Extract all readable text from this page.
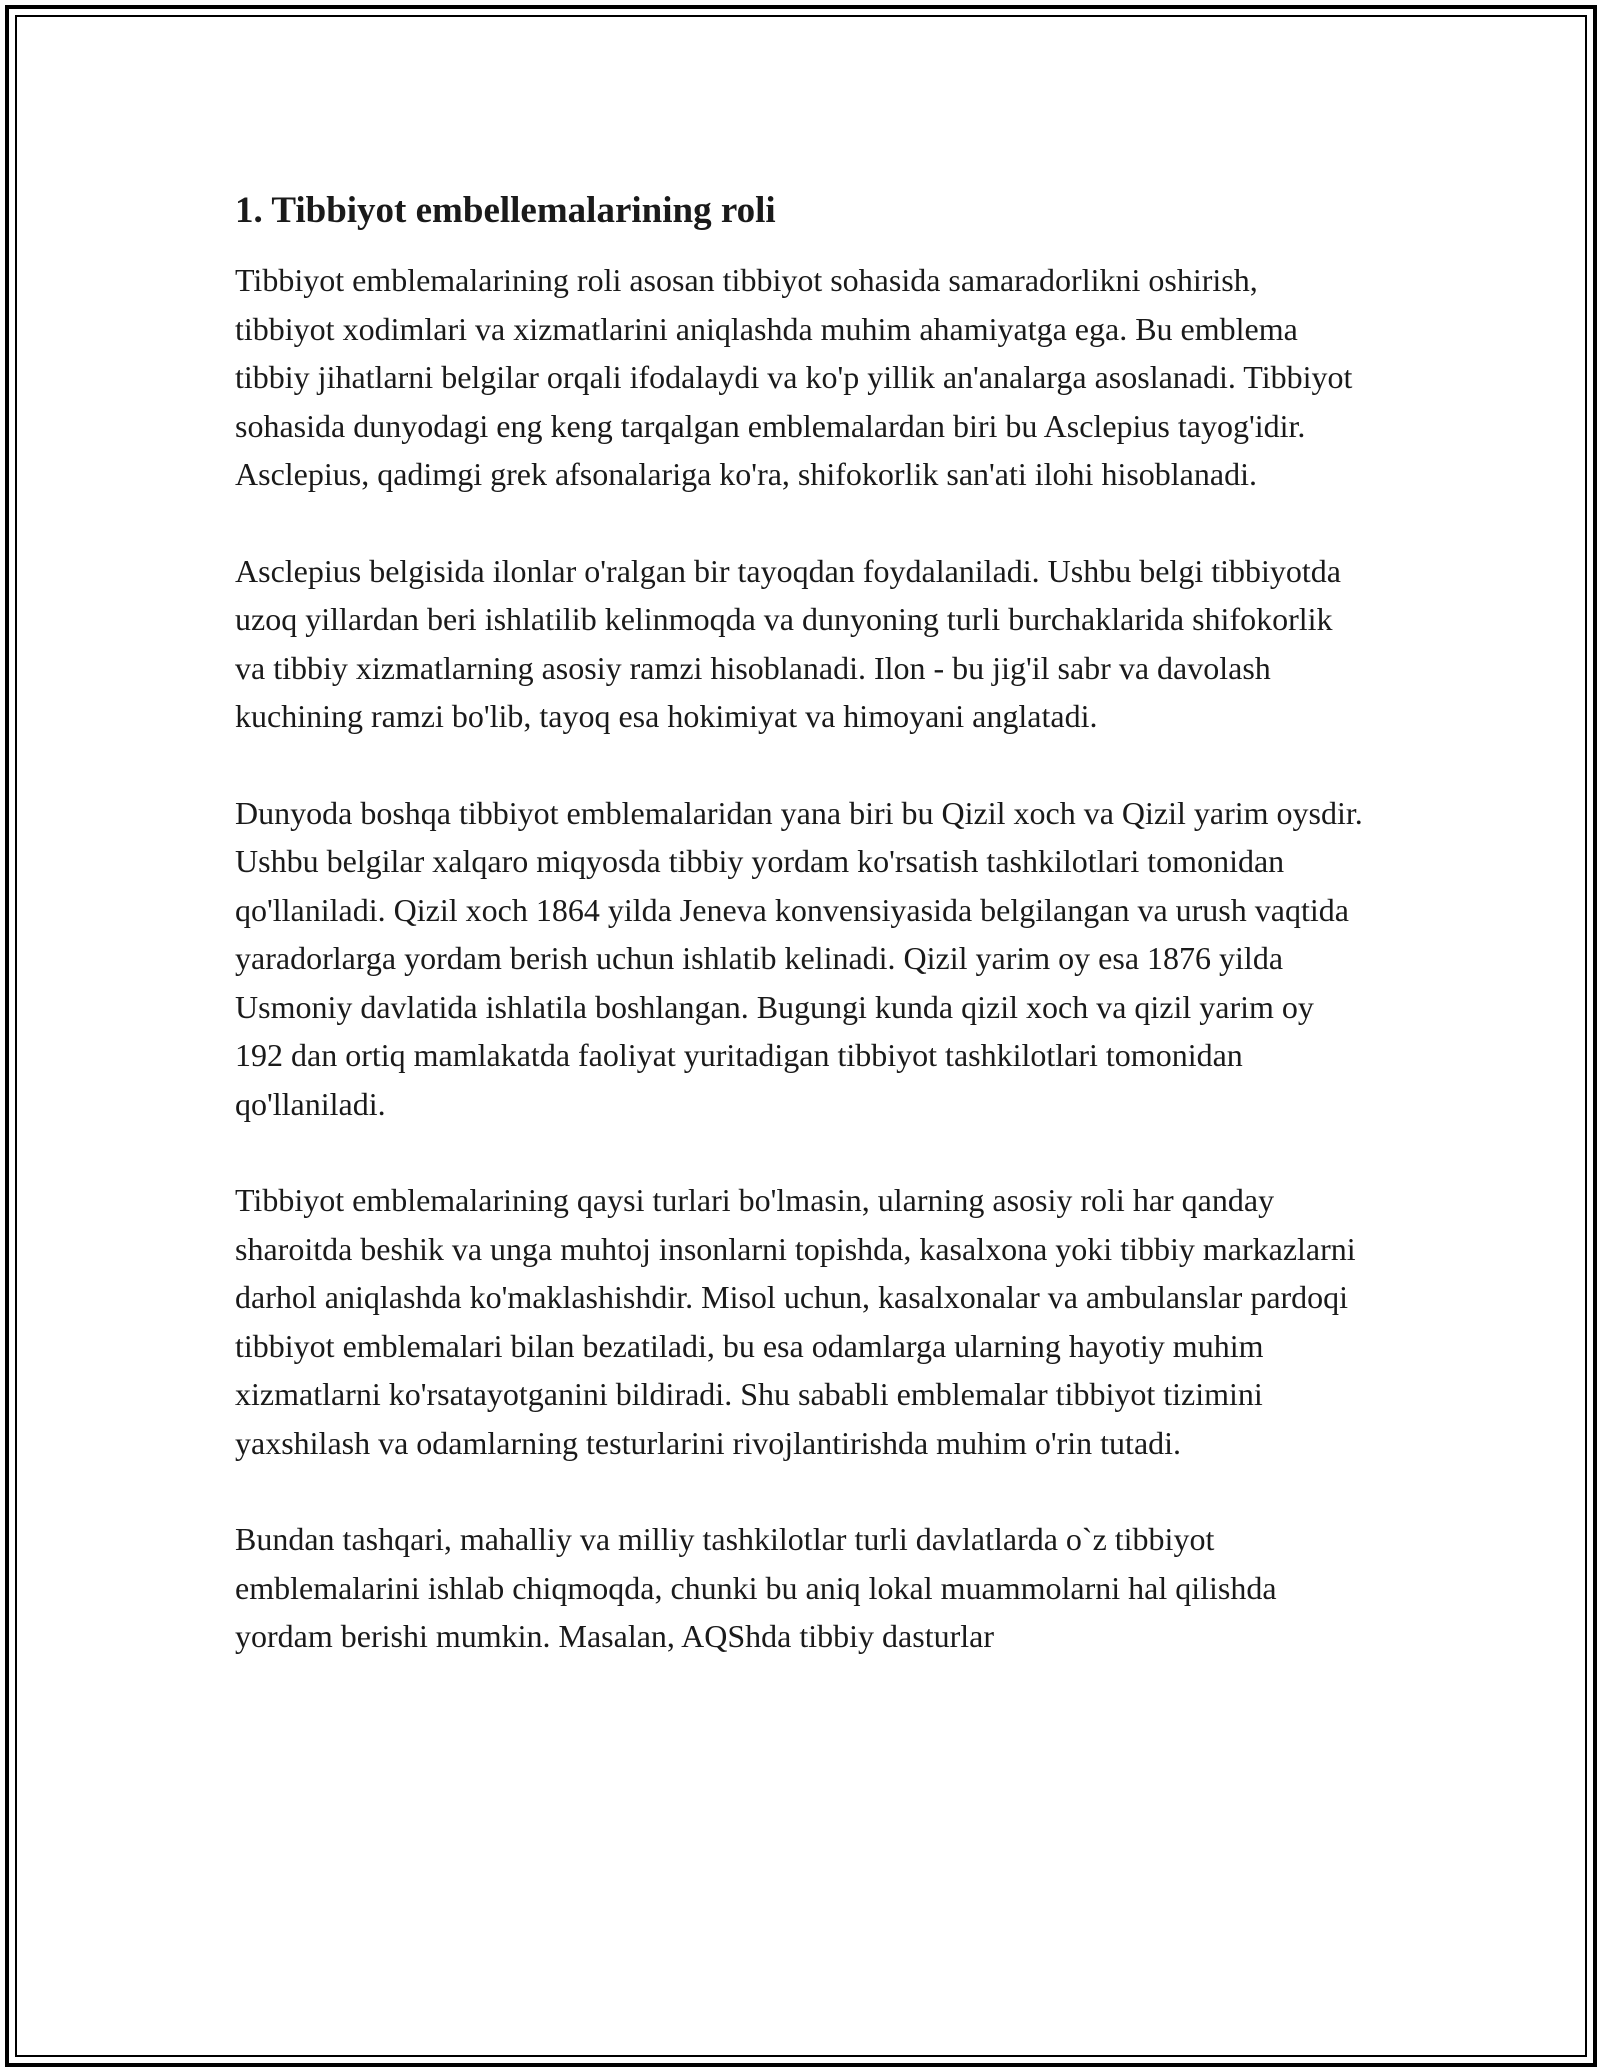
1. Tibbiyot embellemalarining roli

Tibbiyot emblemalarining roli asosan tibbiyot sohasida samaradorlikni oshirish, tibbiyot xodimlari va xizmatlarini aniqlashda muhim ahamiyatga ega. Bu emblema tibbiy jihatlarni belgilar orqali ifodalaydi va ko'p yillik an'analarga asoslanadi. Tibbiyot sohasida dunyodagi eng keng tarqalgan emblemalardan biri bu Asclepius tayog'idir. Asclepius, qadimgi grek afsonalariga ko'ra, shifokorlik san'ati ilohi hisoblanadi.

Asclepius belgisida ilonlar o'ralgan bir tayoqdan foydalaniladi. Ushbu belgi tibbiyotda uzoq yillardan beri ishlatilib kelinmoqda va dunyoning turli burchaklarida shifokorlik va tibbiy xizmatlarning asosiy ramzi hisoblanadi. Ilon - bu jig'il sabr va davolash kuchining ramzi bo'lib, tayoq esa hokimiyat va himoyani anglatadi.

Dunyoda boshqa tibbiyot emblemalaridan yana biri bu Qizil xoch va Qizil yarim oysdir. Ushbu belgilar xalqaro miqyosda tibbiy yordam ko'rsatish tashkilotlari tomonidan qo'llaniladi. Qizil xoch 1864 yilda Jeneva konvensiyasida belgilangan va urush vaqtida yaradorlarga yordam berish uchun ishlatib kelinadi. Qizil yarim oy esa 1876 yilda Usmoniy davlatida ishlatila boshlangan. Bugungi kunda qizil xoch va qizil yarim oy 192 dan ortiq mamlakatda faoliyat yuritadigan tibbiyot tashkilotlari tomonidan qo'llaniladi.

Tibbiyot emblemalarining qaysi turlari bo'lmasin, ularning asosiy roli har qanday sharoitda beshik va unga muhtoj insonlarni topishda, kasalxona yoki tibbiy markazlarni darhol aniqlashda ko'maklashishdir. Misol uchun, kasalxonalar va ambulanslar pardoqi tibbiyot emblemalari bilan bezatiladi, bu esa odamlarga ularning hayotiy muhim xizmatlarni ko'rsatayotganini bildiradi. Shu sababli emblemalar tibbiyot tizimini yaxshilash va odamlarning testurlarini rivojlantirishda muhim o'rin tutadi.

Bundan tashqari, mahalliy va milliy tashkilotlar turli davlatlarda o`z tibbiyot emblemalarini ishlab chiqmoqda, chunki bu aniq lokal muammolarni hal qilishda yordam berishi mumkin. Masalan, AQShda tibbiy dasturlar
